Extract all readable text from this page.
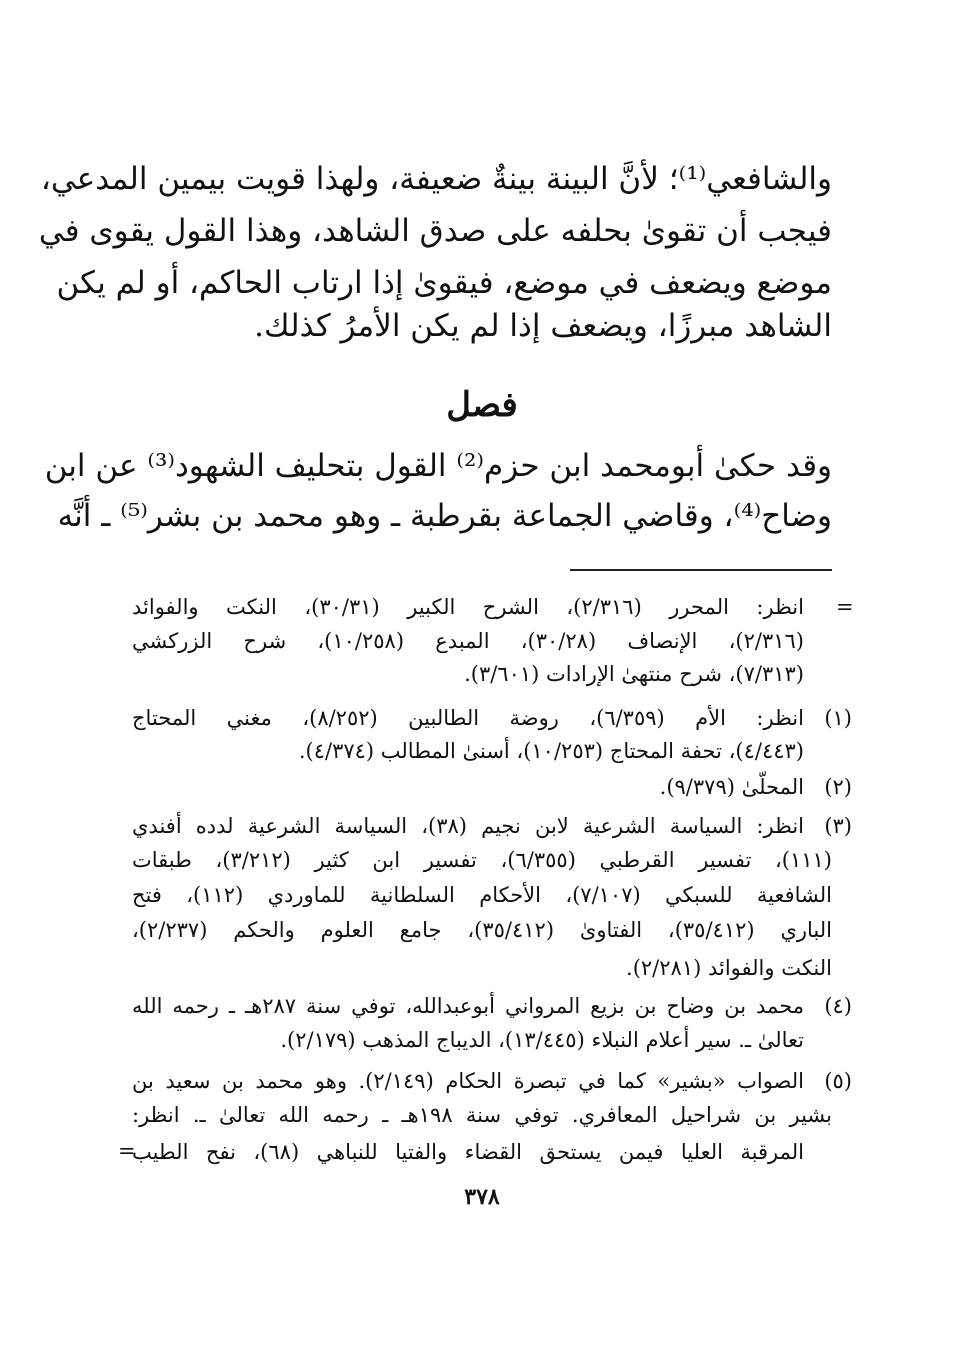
والشافعي⁽¹⁾؛ لأنَّ البينة بينةٌ ضعيفة، ولهذا قويت بيمين المدعي،
فيجب أن تقوىٰ بحلفه على صدق الشاهد، وهذا القول يقوى في
موضع ويضعف في موضع، فيقوىٰ إذا ارتاب الحاكم، أو لم يكن
الشاهد مبرزًا، ويضعف إذا لم يكن الأمرُ كذلك.
فصل
وقد حكىٰ أبومحمد ابن حزم⁽²⁾ القول بتحليف الشهود⁽³⁾ عن ابن
وضاح⁽⁴⁾، وقاضي الجماعة بقرطبة ـ وهو محمد بن بشر⁽⁵⁾ ـ أنَّه
=
انظر: المحرر (٢/٣١٦)، الشرح الكبير (٣٠/٣١)، النكت والفوائد
(٢/٣١٦)، الإنصاف (٣٠/٢٨)، المبدع (١٠/٢٥٨)، شرح الزركشي
(٧/٣١٣)، شرح منتهىٰ الإرادات (٣/٦٠١).
(١)
انظر: الأم (٦/٣٥٩)، روضة الطالبين (٨/٢٥٢)، مغني المحتاج
(٤/٤٤٣)، تحفة المحتاج (١٠/٢٥٣)، أسنىٰ المطالب (٤/٣٧٤).
(٢)
المحلّىٰ (٩/٣٧٩).
(٣)
انظر: السياسة الشرعية لابن نجيم (٣٨)، السياسة الشرعية لدده أفندي
(١١١)، تفسير القرطبي (٦/٣٥٥)، تفسير ابن كثير (٣/٢١٢)، طبقات
الشافعية للسبكي (٧/١٠٧)، الأحكام السلطانية للماوردي (١١٢)، فتح
الباري (٣٥/٤١٢)، الفتاوىٰ (٣٥/٤١٢)، جامع العلوم والحكم (٢/٢٣٧)،
النكت والفوائد (٢/٢٨١).
(٤)
محمد بن وضاح بن بزيع المرواني أبوعبدالله، توفي سنة ٢٨٧هـ ـ رحمه الله
تعالىٰ ـ. سير أعلام النبلاء (١٣/٤٤٥)، الديباج المذهب (٢/١٧٩).
(٥)
الصواب «بشير» كما في تبصرة الحكام (٢/١٤٩). وهو محمد بن سعيد بن
بشير بن شراحيل المعافري. توفي سنة ١٩٨هـ ـ رحمه الله تعالىٰ ـ. انظر:
المرقبة العليا فيمن يستحق القضاء والفتيا للنباهي (٦٨)، نفح الطيب
=
٣٧٨
